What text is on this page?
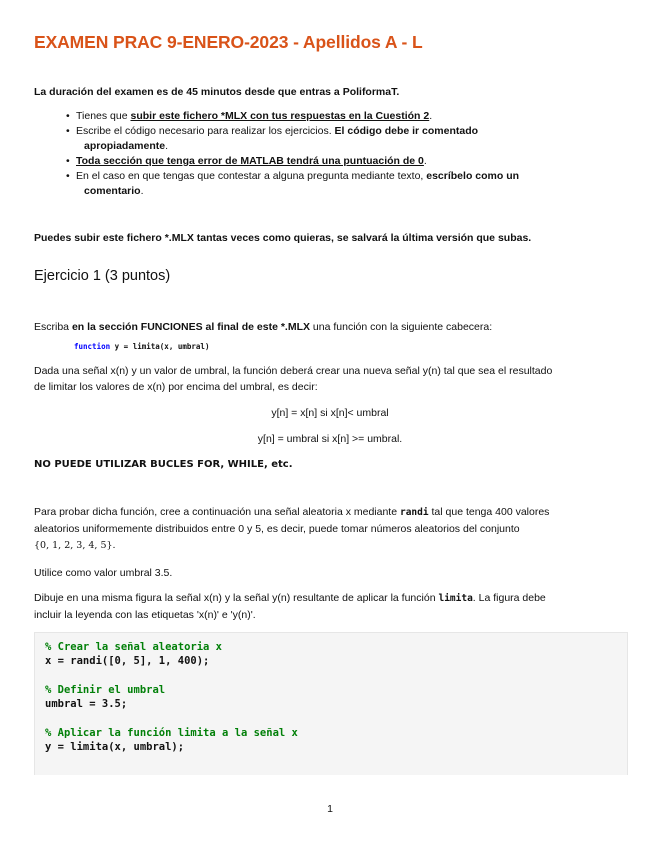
EXAMEN PRAC 9-ENERO-2023 - Apellidos A - L

La duración del examen es de 45 minutos desde que entras a PoliformaT.

• Tienes que subir este fichero *MLX con tus respuestas en la Cuestión 2.
• Escribe el código necesario para realizar los ejercicios. El código debe ir comentado
apropiadamente.
• Toda sección que tenga error de MATLAB tendrá una puntuación de 0.
• En el caso en que tengas que contestar a alguna pregunta mediante texto, escríbelo como un
comentario.

Puedes subir este fichero *.MLX tantas veces como quieras, se salvará la última versión que subas.

Ejercicio 1 (3 puntos)

Escriba en la sección FUNCIONES al final de este *.MLX una función con la siguiente cabecera:

function y = limita(x, umbral)

Dada una señal x(n) y un valor de umbral, la función deberá crear una nueva señal y(n) tal que sea el resultado
de limitar los valores de x(n) por encima del umbral, es decir:

y[n] = x[n] si x[n]< umbral

y[n] = umbral si x[n] >= umbral.

NO PUEDE UTILIZAR BUCLES FOR, WHILE, etc.

Para probar dicha función, cree a continuación una señal aleatoria x mediante randi tal que tenga 400 valores
aleatorios uniformemente distribuidos entre 0 y 5, es decir, puede tomar números aleatorios del conjunto
{0, 1, 2, 3, 4, 5}.

Utilice como valor umbral 3.5.

Dibuje en una misma figura la señal x(n) y la señal y(n) resultante de aplicar la función limita. La figura debe
incluir la leyenda con las etiquetas 'x(n)' e 'y(n)'.

% Crear la señal aleatoria x
x = randi([0, 5], 1, 400);
% Definir el umbral
umbral = 3.5;
% Aplicar la función limita a la señal x
y = limita(x, umbral);

1
